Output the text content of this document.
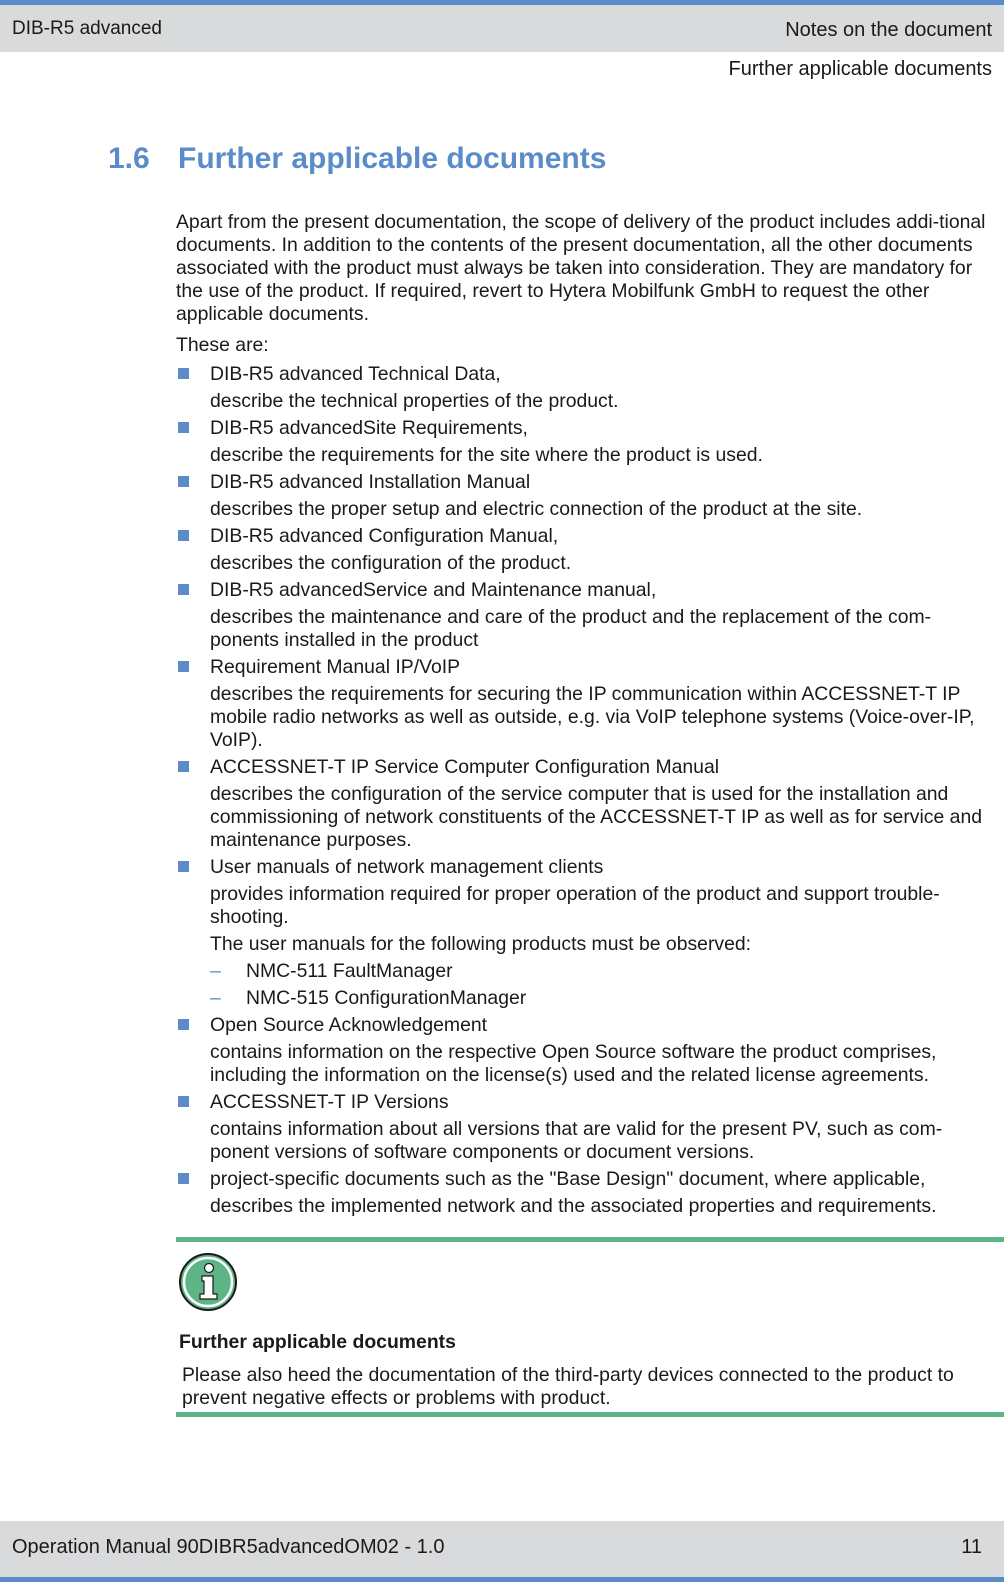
DIB-R5 advanced	Notes on the document
Further applicable documents
1.6 Further applicable documents

Apart from the present documentation, the scope of delivery of the product includes addi-tional documents. In addition to the contents of the present documentation, all the other documents associated with the product must always be taken into consideration. They are mandatory for the use of the product. If required, revert to Hytera Mobilfunk GmbH to request the other applicable documents.

These are:

DIB-R5 advanced Technical Data,
describe the technical properties of the product.
DIB-R5 advancedSite Requirements,
describe the requirements for the site where the product is used.
DIB-R5 advanced Installation Manual
describes the proper setup and electric connection of the product at the site.
DIB-R5 advanced Configuration Manual,
describes the configuration of the product.
DIB-R5 advancedService and Maintenance manual,
describes the maintenance and care of the product and the replacement of the com-ponents installed in the product
Requirement Manual IP/VoIP
describes the requirements for securing the IP communication within ACCESSNET-T IP mobile radio networks as well as outside, e.g. via VoIP telephone systems (Voice-over-IP, VoIP).
ACCESSNET-T IP Service Computer Configuration Manual
describes the configuration of the service computer that is used for the installation and commissioning of network constituents of the ACCESSNET-T IP as well as for service and maintenance purposes.
User manuals of network management clients
provides information required for proper operation of the product and support trouble-shooting.
The user manuals for the following products must be observed:
– NMC-511 FaultManager
– NMC-515 ConfigurationManager
Open Source Acknowledgement
contains information on the respective Open Source software the product comprises, including the information on the license(s) used and the related license agreements.
ACCESSNET-T IP Versions
contains information about all versions that are valid for the present PV, such as com-ponent versions of software components or document versions.
project-specific documents such as the "Base Design" document, where applicable,
describes the implemented network and the associated properties and requirements.
Further applicable documents
Please also heed the documentation of the third-party devices connected to the product to prevent negative effects or problems with product.
Operation Manual 90DIBR5advancedOM02 - 1.0	11
